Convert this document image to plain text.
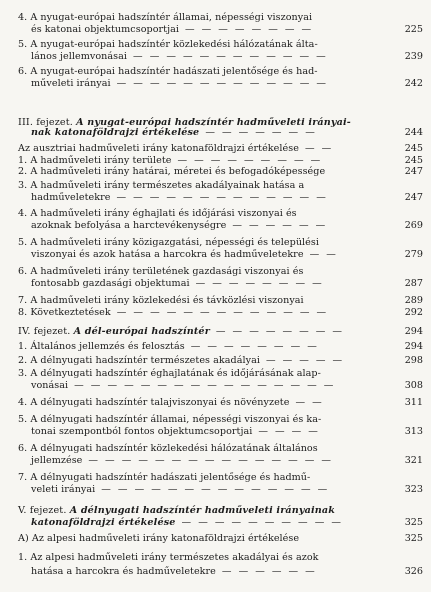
4. A nyugat-európai hadszíntér államai, népességi viszonyai
és katonai objektumcsoportjai — — — — — — — —	225
5. A nyugat-európai hadszíntér közlekedési hálózatának álta-
lános jellemvonásai — — — — — — — — — — — —	239
6. A nyugat-európai hadszíntér hadászati jelentősége és had-
műveleti irányai — — — — — — — — — — — — —	242
III. fejezet. A nyugat-európai hadszíntér hadműveleti irányai-
nak katonaföldrajzi értékelése — — — — — — —	244
Az ausztriai hadműveleti irány katonaföldrajzi értékelése — —	245
1. A hadműveleti irány területe — — — — — — — — —	245
2. A hadműveleti irány határai, méretei és befogadóképessége	247
3. A hadműveleti irány természetes akadályainak hatása a
hadműveletekre — — — — — — — — — — — — —	247
4. A hadműveleti irány éghajlati és időjárási viszonyai és
azoknak befolyása a harctevékenységre — — — — — —	269
5. A hadműveleti irány közigazgatási, népességi és települési
viszonyai és azok hatása a harcokra és hadműveletekre — —	279
6. A hadműveleti irány területének gazdasági viszonyai és
fontosabb gazdasági objektumai — — — — — — — —	287
7. A hadműveleti irány közlekedési és távközlési viszonyai	289
8. Következtetések — — — — — — — — — — — — —	292
IV. fejezet. A dél-európai hadszíntér — — — — — — — —	294
1. Általános jellemzés és felosztás — — — — — — — —	294
2. A délnyugati hadszíntér természetes akadályai — — — — —	298
3. A délnyugati hadszíntér éghajlatának és időjárásának alap-
vonásai — — — — — — — — — — — — — — — —	308
4. A délnyugati hadszíntér talajviszonyai és növényzete — —	311
5. A délnyugati hadszíntér államai, népességi viszonyai és ka-
tonai szempontból fontos objektumcsoportjai — — — —	313
6. A délnyugati hadszíntér közlekedési hálózatának általános
jellemzése — — — — — — — — — — — — — — —	321
7. A délnyugati hadszíntér hadászati jelentősége és hadmű-
veleti irányai — — — — — — — — — — — — — —	323
V. fejezet. A délnyugati hadszíntér hadműveleti irányainak
katonaföldrajzi értékelése — — — — — — — — — —	325
A) Az alpesi hadműveleti irány katonaföldrajzi értékelése	325
1. Az alpesi hadműveleti irány természetes akadályai és azok
hatása a harcokra és hadműveletekre — — — — — —	326
